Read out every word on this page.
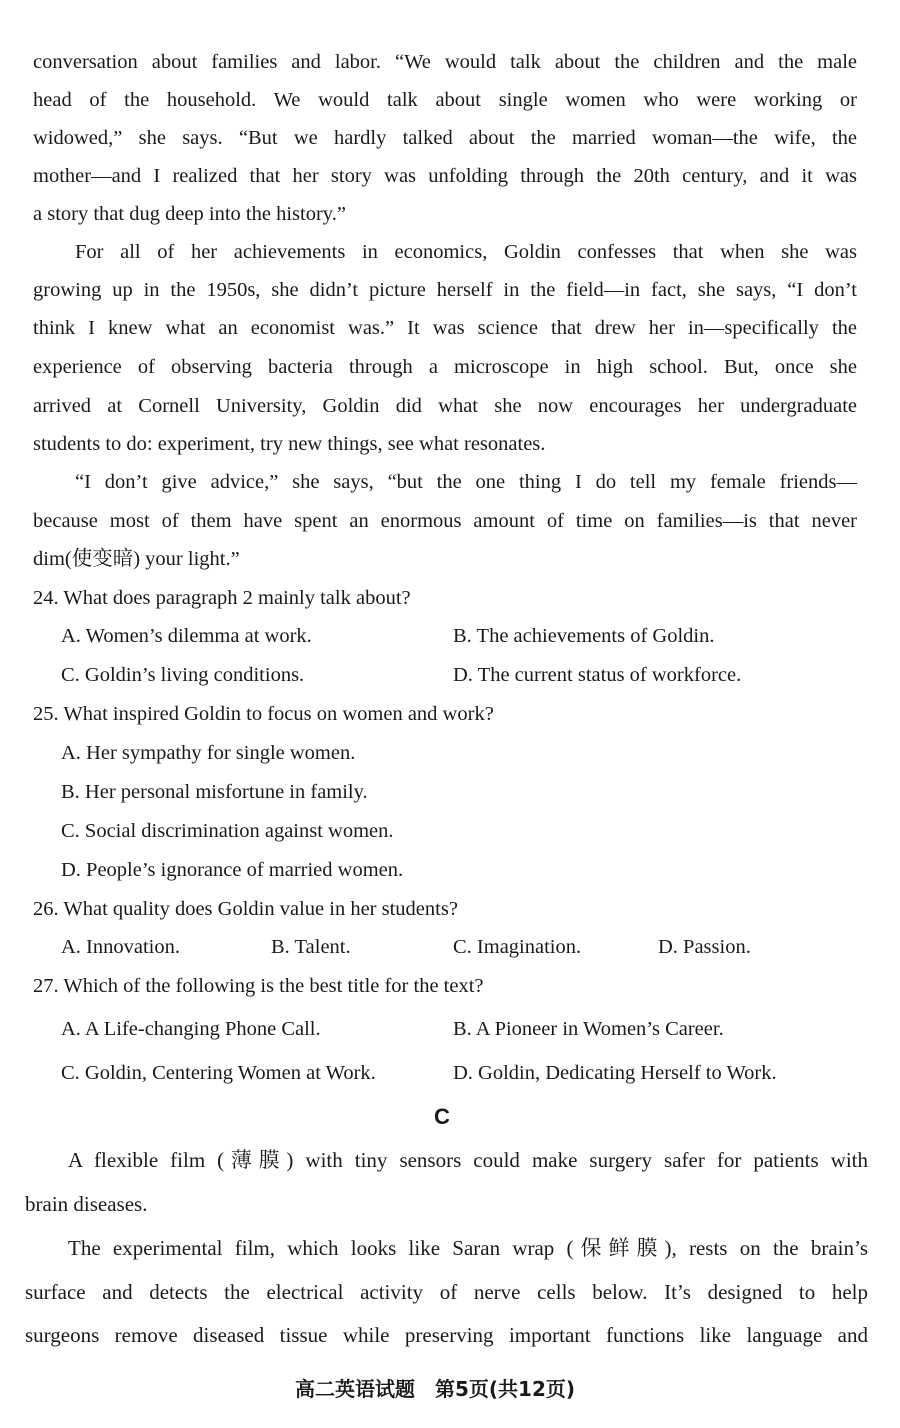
conversation about families and labor. “We would talk about the children and the male
head of the household. We would talk about single women who were working or
widowed,” she says. “But we hardly talked about the married woman—the wife, the
mother—and I realized that her story was unfolding through the 20th century, and it was
a story that dug deep into the history.”
For all of her achievements in economics, Goldin confesses that when she was
growing up in the 1950s, she didn’t picture herself in the field—in fact, she says, “I don’t
think I knew what an economist was.” It was science that drew her in—specifically the
experience of observing bacteria through a microscope in high school. But, once she
arrived at Cornell University, Goldin did what she now encourages her undergraduate
students to do: experiment, try new things, see what resonates.
“I don’t give advice,” she says, “but the one thing I do tell my female friends—
because most of them have spent an enormous amount of time on families—is that never
dim(使变暗) your light.”
24. What does paragraph 2 mainly talk about?
A. Women’s dilemma at work.	B. The achievements of Goldin.
C. Goldin’s living conditions.	D. The current status of workforce.
25. What inspired Goldin to focus on women and work?
A. Her sympathy for single women.
B. Her personal misfortune in family.
C. Social discrimination against women.
D. People’s ignorance of married women.
26. What quality does Goldin value in her students?
A. Innovation.	B. Talent.	C. Imagination.	D. Passion.
27. Which of the following is the best title for the text?
A. A Life-changing Phone Call.	B. A Pioneer in Women’s Career.
C. Goldin, Centering Women at Work.	D. Goldin, Dedicating Herself to Work.
C
A flexible film (薄膜) with tiny sensors could make surgery safer for patients with
brain diseases.
The experimental film, which looks like Saran wrap (保鲜膜), rests on the brain’s
surface and detects the electrical activity of nerve cells below. It’s designed to help
surgeons remove diseased tissue while preserving important functions like language and
高二英语试题　第5页(共12页)
